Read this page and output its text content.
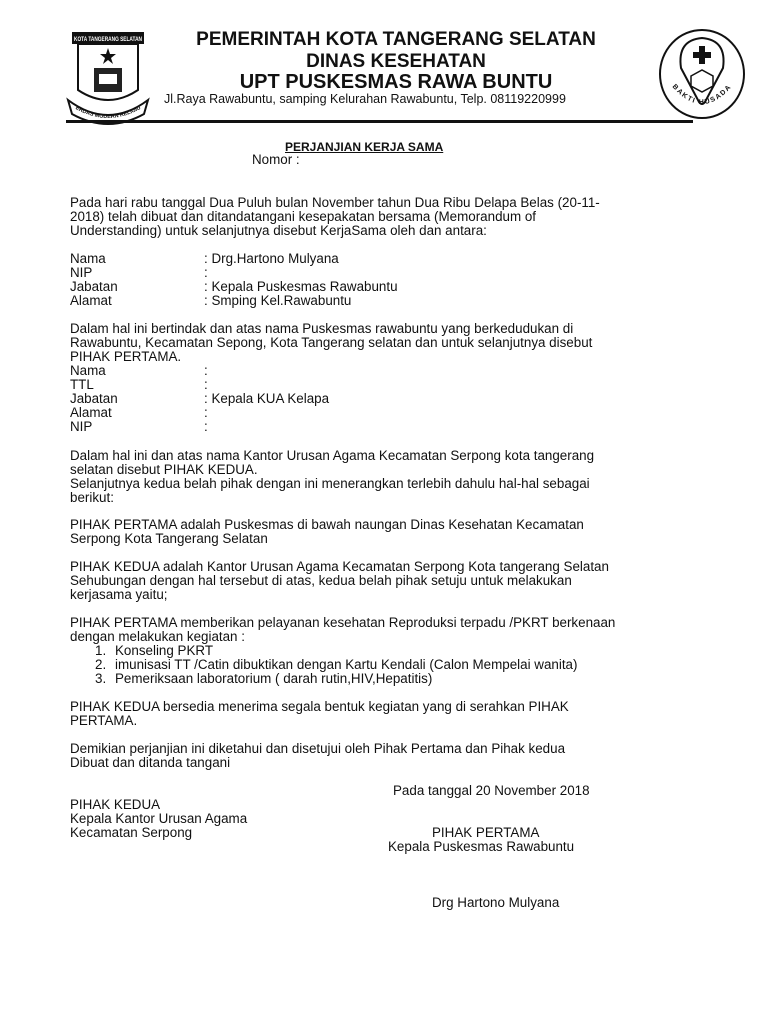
KOTA TANGERANG SELATAN
ERDAS MODERN RELIGIU
PEMERINTAH KOTA TANGERANG SELATAN
DINAS KESEHATAN
UPT PUSKESMAS RAWA BUNTU
Jl.Raya Rawabuntu, samping Kelurahan Rawabuntu, Telp. 08119220999
BAKTI HUSADA
PERJANJIAN KERJA SAMA
Nomor :
Pada hari rabu tanggal Dua Puluh bulan November tahun Dua Ribu Delapa Belas (20-11-
2018) telah dibuat dan ditandatangani kesepakatan bersama (Memorandum of
Understanding) untuk selanjutnya disebut KerjaSama oleh dan antara:
Nama	: Drg.Hartono Mulyana
NIP	:
Jabatan	: Kepala Puskesmas Rawabuntu
Alamat	: Smping Kel.Rawabuntu
Dalam hal ini bertindak dan atas nama Puskesmas rawabuntu yang berkedudukan di
Rawabuntu, Kecamatan Sepong, Kota Tangerang selatan dan untuk selanjutnya disebut
PIHAK PERTAMA.
Nama	:
TTL	:
Jabatan	: Kepala KUA Kelapa
Alamat	:
NIP	:
Dalam hal ini dan atas nama Kantor Urusan Agama Kecamatan Serpong kota tangerang
selatan disebut PIHAK KEDUA.
Selanjutnya kedua belah pihak dengan ini menerangkan terlebih dahulu hal-hal sebagai
berikut:
PIHAK PERTAMA adalah Puskesmas di bawah naungan Dinas Kesehatan Kecamatan
Serpong Kota Tangerang Selatan
PIHAK KEDUA adalah Kantor Urusan Agama Kecamatan Serpong Kota tangerang Selatan
Sehubungan dengan hal tersebut di atas, kedua belah pihak setuju untuk melakukan
kerjasama yaitu;
PIHAK PERTAMA memberikan pelayanan kesehatan Reproduksi terpadu /PKRT berkenaan
dengan melakukan kegiatan :
1. Konseling PKRT
2. imunisasi TT /Catin dibuktikan dengan Kartu Kendali (Calon Mempelai wanita)
3. Pemeriksaan laboratorium ( darah rutin,HIV,Hepatitis)
PIHAK KEDUA bersedia menerima segala bentuk kegiatan yang di serahkan PIHAK
PERTAMA.
Demikian perjanjian ini diketahui dan disetujui oleh Pihak Pertama dan Pihak kedua
Dibuat dan ditanda tangani
Pada tanggal 20 November 2018
PIHAK KEDUA
Kepala Kantor Urusan Agama
Kecamatan Serpong	PIHAK PERTAMA
Kepala Puskesmas Rawabuntu
Drg Hartono Mulyana
